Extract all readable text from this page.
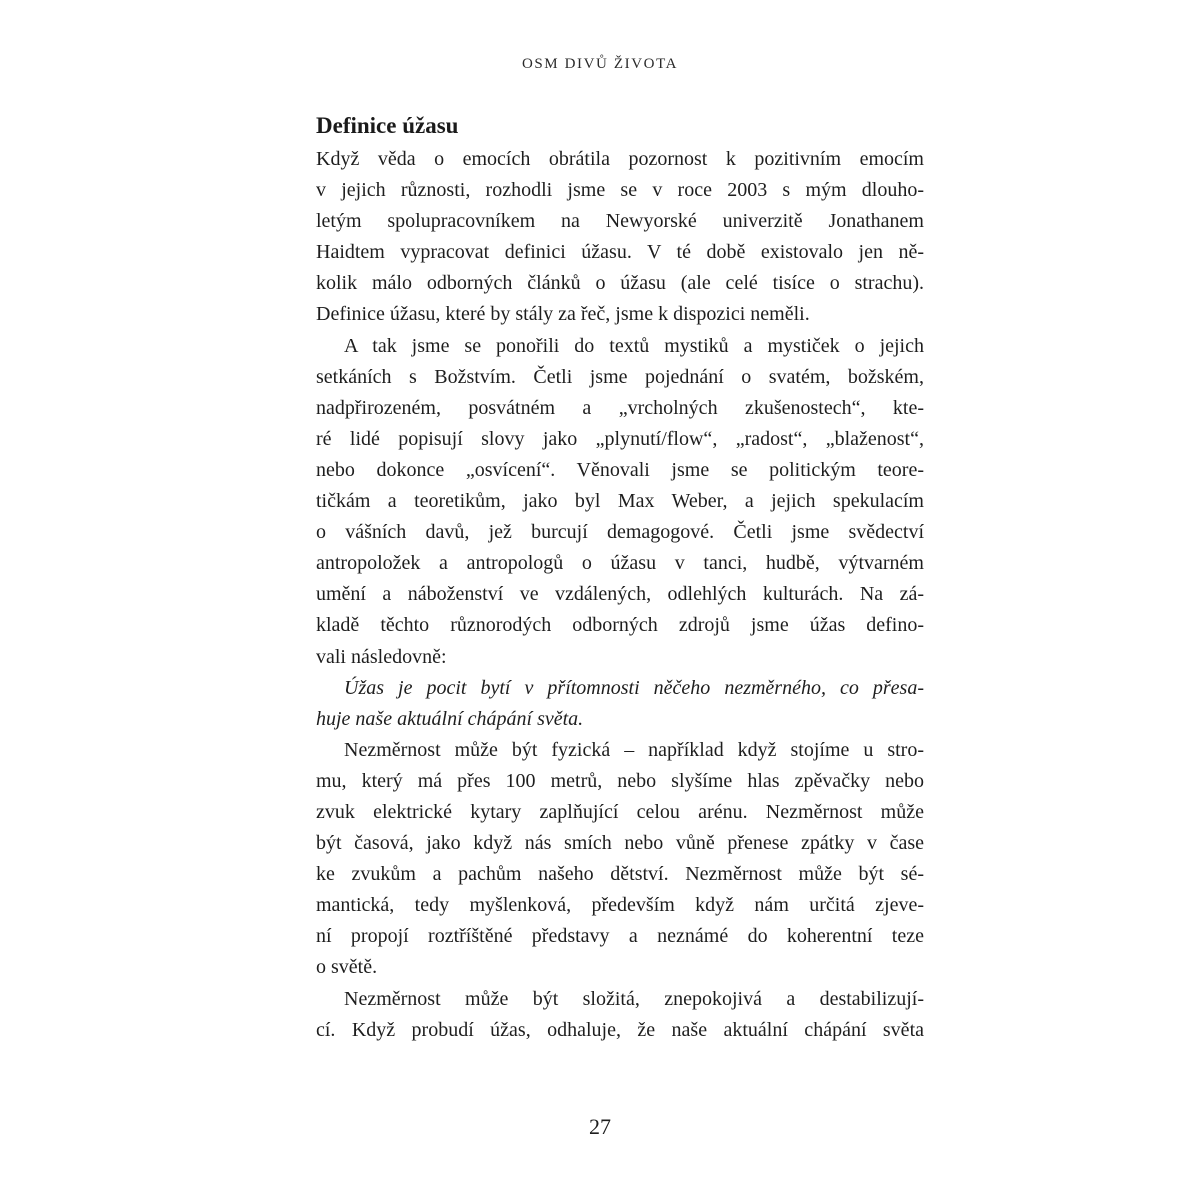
OSM DIVŮ ŽIVOTA
Definice úžasu
Když věda o emocích obrátila pozornost k pozitivním emocím
v jejich různosti, rozhodli jsme se v roce 2003 s mým dlouho-
letým spolupracovníkem na Newyorské univerzitě Jonathanem
Haidtem vypracovat definici úžasu. V té době existovalo jen ně-
kolik málo odborných článků o úžasu (ale celé tisíce o strachu).
Definice úžasu, které by stály za řeč, jsme k dispozici neměli.
A tak jsme se ponořili do textů mystiků a mystiček o jejich
setkáních s Božstvím. Četli jsme pojednání o svatém, božském,
nadpřirozeném, posvátném a „vrcholných zkušenostech“, kte-
ré lidé popisují slovy jako „plynutí/flow“, „radost“, „blaženost“,
nebo dokonce „osvícení“. Věnovali jsme se politickým teore-
tičkám a teoretikům, jako byl Max Weber, a jejich spekulacím
o vášních davů, jež burcují demagogové. Četli jsme svědectví
antropoložek a antropologů o úžasu v tanci, hudbě, výtvarném
umění a náboženství ve vzdálených, odlehlých kulturách. Na zá-
kladě těchto různorodých odborných zdrojů jsme úžas defino-
vali následovně:
Úžas je pocit bytí v přítomnosti něčeho nezměrného, co přesa-
huje naše aktuální chápání světa.
Nezměrnost může být fyzická – například když stojíme u stro-
mu, který má přes 100 metrů, nebo slyšíme hlas zpěvačky nebo
zvuk elektrické kytary zaplňující celou arénu. Nezměrnost může
být časová, jako když nás smích nebo vůně přenese zpátky v čase
ke zvukům a pachům našeho dětství. Nezměrnost může být sé-
mantická, tedy myšlenková, především když nám určitá zjeve-
ní propojí roztříštěné představy a neznámé do koherentní teze
o světě.
Nezměrnost může být složitá, znepokojivá a destabilizují-
cí. Když probudí úžas, odhaluje, že naše aktuální chápání světa
27
